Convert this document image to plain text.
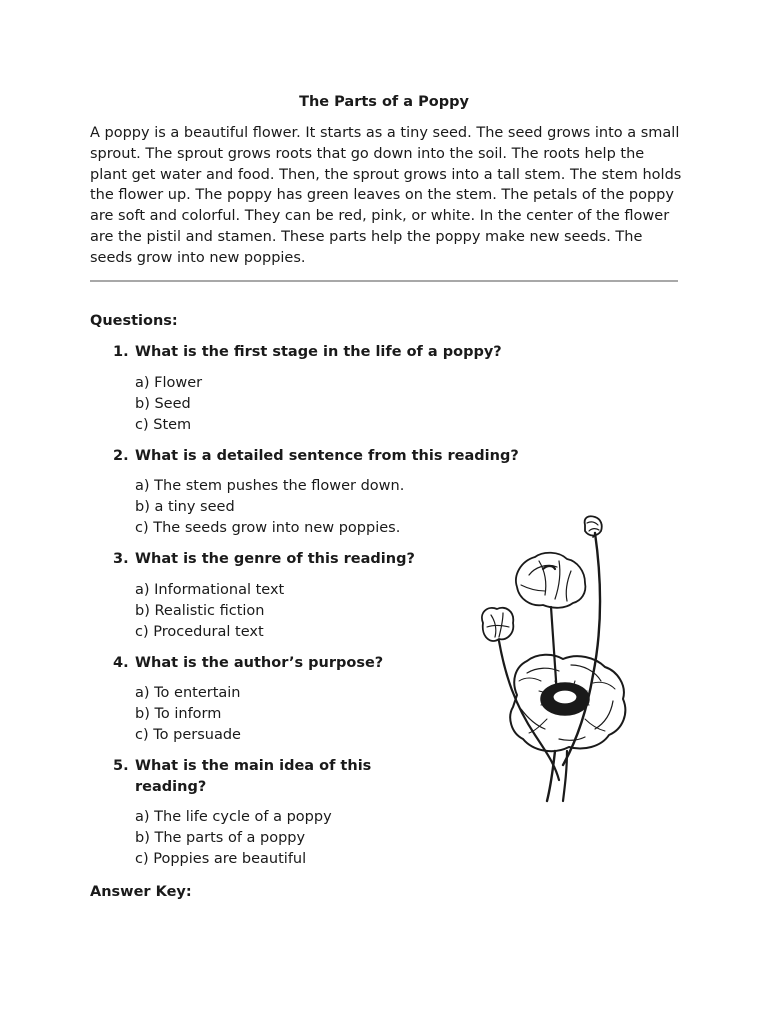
The Parts of a Poppy

A poppy is a beautiful flower. It starts as a tiny seed. The seed grows into a small sprout. The sprout grows roots that go down into the soil. The roots help the plant get water and food. Then, the sprout grows into a tall stem. The stem holds the flower up. The poppy has green leaves on the stem. The petals of the poppy are soft and colorful. They can be red, pink, or white. In the center of the flower are the pistil and stamen. These parts help the poppy make new seeds. The seeds grow into new poppies.

Questions:
1. What is the first stage in the life of a poppy?
a) Flower
b) Seed
c) Stem
2. What is a detailed sentence from this reading?
a) The stem pushes the flower down.
b) a tiny seed
c) The seeds grow into new poppies.
3. What is the genre of this reading?
a) Informational text
b) Realistic fiction
c) Procedural text
4. What is the author’s purpose?
a) To entertain
b) To inform
c) To persuade
5. What is the main idea of this reading?
a) The life cycle of a poppy
b) The parts of a poppy
c) Poppies are beautiful
Answer Key:
